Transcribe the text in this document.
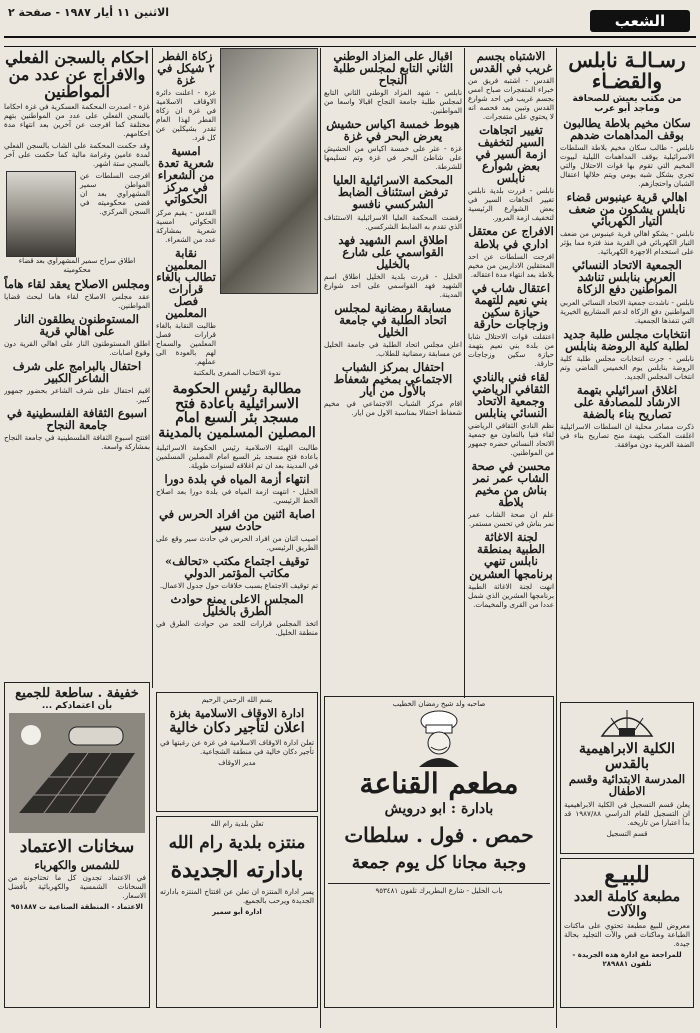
الشعب
الاثنين ١١ أيار ١٩٨٧ - صفحة ٢
رسـالـة نابلس والقضـاء
من مكتب يعيش للصحافة وماجد أبو عرب
سكان مخيم بلاطة يطالبون بوقف المداهمات ضدهم

نابلس - طالب سكان مخيم بلاطة السلطات الاسرائيلية بوقف المداهمات الليلية لبيوت المخيم التي تقوم بها قوات الاحتلال والتي تجري بشكل شبه يومي ويتم خلالها اعتقال الشبان واحتجازهم.

اهالي قرية عينبوس قضاء نابلس يشكون من ضعف التيار الكهربائي

نابلس - يشكو اهالي قرية عينبوس من ضعف التيار الكهربائي في القرية منذ فترة مما يؤثر على استخدام الاجهزة الكهربائية.

الجمعية الاتحاد النسائي العربي بنابلس تناشد المواطنين دفع الزكاة

نابلس - ناشدت جمعية الاتحاد النسائي العربي المواطنين دفع الزكاة لدعم المشاريع الخيرية التي تنفذها الجمعية.

انتخابات مجلس طلبة جديد لطلبة كلية الروضة بنابلس

نابلس - جرت انتخابات مجلس طلبة كلية الروضة بنابلس يوم الخميس الماضي وتم انتخاب المجلس الجديد.

اغلاق اسرائيلي بتهمة الارشاد للمصادفة على تصاريح بناء بالضفة

ذكرت مصادر محلية ان السلطات الاسرائيلية اغلقت المكتب بتهمة منح تصاريح بناء في الضفة الغربية دون موافقة.

الاشتباه بجسم غريب في القدس

القدس - اشتبه فريق من خبراء المتفجرات صباح امس بجسم غريب في احد شوارع القدس وتبين بعد فحصه انه لا يحتوي على متفجرات.

تغيير اتجاهات السير لتخفيف ازمة السير في بعض شوارع نابلس

نابلس - قررت بلدية نابلس تغيير اتجاهات السير في بعض الشوارع الرئيسية لتخفيف ازمة المرور.

الافراج عن معتقل اداري في بلاطة

افرجت السلطات عن احد المعتقلين الاداريين من مخيم بلاطة بعد انتهاء مدة اعتقاله.

اعتقال شاب في بني نعيم للتهمة حيازة سكين وزجاجات حارقة

اعتقلت قوات الاحتلال شابا من بلدة بني نعيم بتهمة حيازة سكين وزجاجات حارقة.

لقاء فني بالنادي الثقافي الرياضي وجمعية الاتحاد النسائي بنابلس

نظم النادي الثقافي الرياضي لقاء فنيا بالتعاون مع جمعية الاتحاد النسائي حضره جمهور من المواطنين.

محسن في صحة الشاب عمر نمر بناش من مخيم بلاطة

علم ان صحة الشاب عمر نمر بناش في تحسن مستمر.

لجنة الاغاثة الطبية بمنطقة نابلس تنهي برنامجها العشرين

انهت لجنة الاغاثة الطبية برنامجها العشرين الذي شمل عددا من القرى والمخيمات.

الكلية الابراهيمية بالقدس
المدرسة الابتدائية وقسم الاطفال

يعلن قسم التسجيل في الكلية الابراهيمية ان التسجيل للعام الدراسي ١٩٨٧/٨٨ قد بدأ اعتبارا من تاريخه.

قسم التسجيل
للبيـع
مطبعة كاملة العدد والآلات

معروض للبيع مطبعة تحتوي على ماكنات الطباعة وماكنات قص والآت التجليد بحالة جيدة.

للمراجعة مع ادارة هذه الجريدة - تلفون ٢٨٩٨٨١
اقبال على المزاد الوطني الثاني التابع لمجلس طلبة النجاح

نابلس - شهد المزاد الوطني الثاني التابع لمجلس طلبة جامعة النجاح اقبالا واسعا من المواطنين.

هبوط خمسة اكياس حشيش يعرض البحر في غزة

غزة - عثر على خمسة اكياس من الحشيش على شاطئ البحر في غزة وتم تسليمها للشرطة.

المحكمة الاسرائيلية العليا ترفض استئناف الضابط الشركسي نافسو

رفضت المحكمة العليا الاسرائيلية الاستئناف الذي تقدم به الضابط الشركسي.

اطلاق اسم الشهيد فهد القواسمي على شارع بالخليل

الخليل - قررت بلدية الخليل اطلاق اسم الشهيد فهد القواسمي على احد شوارع المدينة.

مسابقة رمضانية لمجلس اتحاد الطلبة في جامعة الخليل

اعلن مجلس اتحاد الطلبة في جامعة الخليل عن مسابقة رمضانية للطلاب.

احتفال بمركز الشباب الاجتماعي بمخيم شعفاط بالأول من أيار

اقام مركز الشباب الاجتماعي في مخيم شعفاط احتفالا بمناسبة الاول من ايار.

صاحبه ولد شيخ رمضان الخطيب
مطعم القناعة
بادارة : ابو درويش
حمص . فول . سلطات
وجبة مجانا كل يوم جمعة
باب الخليل - شارع البطريرك تلفون ٩٥٣٤٨١
زكاة الفطر ٢ شيكل في غزة

غزة - اعلنت دائرة الاوقاف الاسلامية في غزة ان زكاة الفطر لهذا العام تقدر بشيكلين عن كل فرد.

امسية شعرية تعدة من الشعراء في مركز الحكواتي

القدس - يقيم مركز الحكواتي امسية شعرية بمشاركة عدد من الشعراء.

نقابة المعلمين تطالب بالغاء قرارات فصل المعلمين

طالبت النقابة بالغاء قرارات فصل المعلمين والسماح لهم بالعودة الى عملهم.

ندوة الانتخاب الصغرى بالمكتبة
مطالبة رئيس الحكومة الاسرائيلية باعادة فتح مسجد بئر السبع امام المصلين المسلمين بالمدينة

طالبت الهيئة الاسلامية رئيس الحكومة الاسرائيلية باعادة فتح مسجد بئر السبع امام المصلين المسلمين في المدينة بعد ان تم اغلاقه لسنوات طويلة.

انتهاء أزمة المياه في بلدة دورا

الخليل - انتهت ازمة المياه في بلدة دورا بعد اصلاح الخط الرئيسي.

اصابة اثنين من افراد الحرس في حادث سير

اصيب اثنان من افراد الحرس في حادث سير وقع على الطريق الرئيسي.

توقيف اجتماع مكتب «تحالف» مكاتب المؤتمر الدولي

تم توقيف الاجتماع بسبب خلافات حول جدول الاعمال.

المجلس الاعلى يمنع حوادث الطرق بالخليل

اتخذ المجلس قرارات للحد من حوادث الطرق في منطقة الخليل.

بسم الله الرحمن الرحيم
ادارة الاوقاف الاسلامية بغزة
اعلان لتأجير دكان خالية

تعلن ادارة الاوقاف الاسلامية في غزة عن رغبتها في تأجير دكان خالية في منطقة الشجاعية.

مدير الاوقاف
تعلن بلدية رام الله
منتزه بلدية رام الله
بادارته الجديدة

يسر ادارة المنتزه ان تعلن عن افتتاح المنتزه بادارته الجديدة ويرحب بالجميع.

ادارة أبو سمير
احكام بالسجن الفعلي والافراج عن عدد من المواطنين

غزة - اصدرت المحكمة العسكرية في غزة احكاما بالسجن الفعلي على عدد من المواطنين بتهم مختلفة كما افرجت عن آخرين بعد انتهاء مدة احكامهم.

وقد حكمت المحكمة على الشاب بالسجن الفعلي لمدة عامين وغرامة مالية كما حكمت على آخر بالسجن ستة اشهر.

افرجت السلطات عن المواطن سمير المشهراوي بعد ان قضى محكوميته في السجن المركزي.

اطلاق سراح سمير المشهراوي بعد قضاء محكوميته
ومجلس الاصلاح يعقد لقاء هاماً

عقد مجلس الاصلاح لقاء هاما لبحث قضايا المواطنين.

المستوطنون يطلقون النار على اهالي قرية

اطلق المستوطنون النار على اهالي القرية دون وقوع اصابات.

احتفال بالبرامج على شرف الشاعر الكبير

اقيم احتفال على شرف الشاعر بحضور جمهور كبير.

اسبوع الثقافة الفلسطينية في جامعة النجاح

افتتح اسبوع الثقافة الفلسطينية في جامعة النجاح بمشاركة واسعة.

خفيفة . ساطعة للجميع
بأن اعتمادكم ...
سخانات الاعتماد
للشمس والكهرباء

في الاعتماد تجدون كل ما تحتاجونه من السخانات الشمسية والكهربائية بأفضل الاسعار.

الاعتماد - المنطقة الصناعية ت ٩٥١٨٨٧
